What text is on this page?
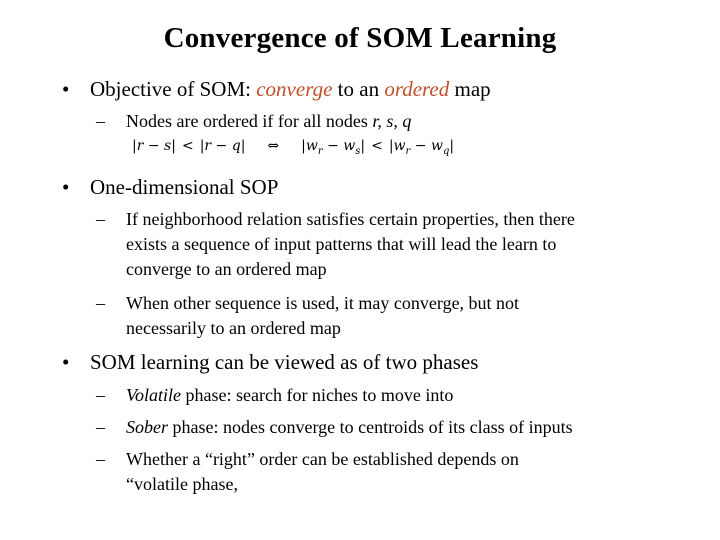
Convergence of SOM Learning
• Objective of SOM: converge to an ordered map
– Nodes are ordered if for all nodes r, s, q
|r − s| < |r − q| ⇔ $|w_r - w_s| < |w_r - w_q|$
• One-dimensional SOP
– If neighborhood relation satisfies certain properties, then there
exists a sequence of input patterns that will lead the learn to
converge to an ordered map
– When other sequence is used, it may converge, but not
necessarily to an ordered map
• SOM learning can be viewed as of two phases
– Volatile phase: search for niches to move into
– Sober phase: nodes converge to centroids of its class of inputs
– Whether a “right” order can be established depends on
“volatile phase,
